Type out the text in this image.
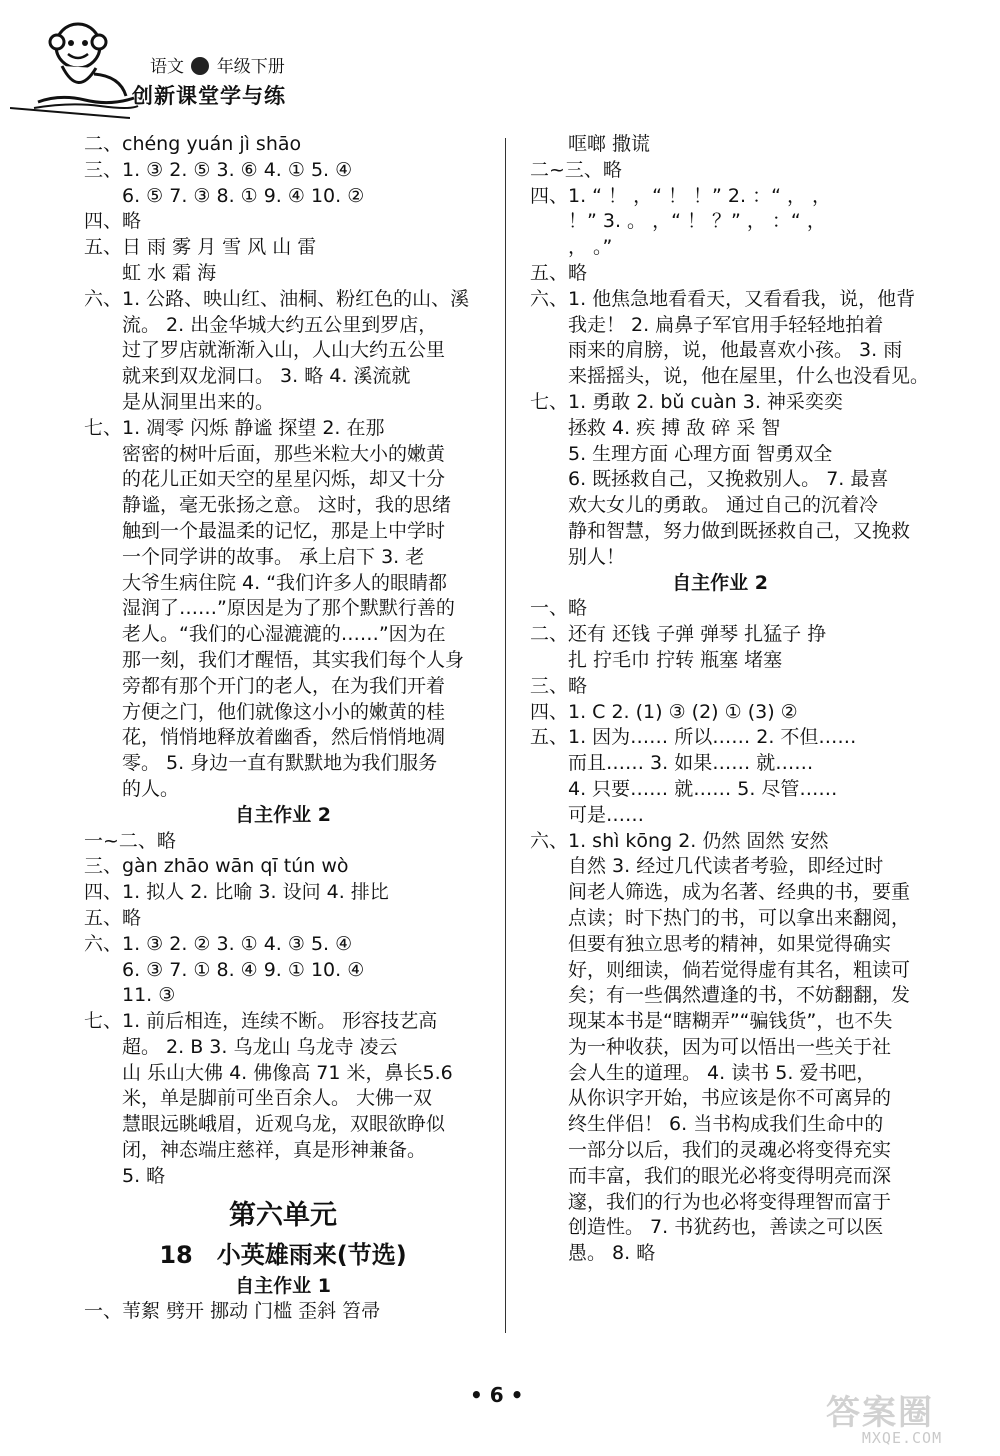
语文 年级下册
创新课堂学与练
二、chéng yuán jì shāo
三、1. ③ 2. ⑤ 3. ⑥ 4. ① 5. ④
6. ⑤ 7. ③ 8. ① 9. ④ 10. ②
四、略
五、日 雨 雾 月 雪 风 山 雷
虹 水 霜 海
六、1. 公路、映山红、油桐、粉红色的山、溪
流。 2. 出金华城大约五公里到罗店，
过了罗店就渐渐入山，人山大约五公里
就来到双龙洞口。 3. 略 4. 溪流就
是从洞里出来的。
七、1. 凋零 闪烁 静谧 探望 2. 在那
密密的树叶后面，那些米粒大小的嫩黄
的花儿正如天空的星星闪烁，却又十分
静谧，毫无张扬之意。 这时，我的思绪
触到一个最温柔的记忆，那是上中学时
一个同学讲的故事。 承上启下 3. 老
大爷生病住院 4. “我们许多人的眼睛都
湿润了……”原因是为了那个默默行善的
老人。“我们的心湿漉漉的……”因为在
那一刻，我们才醒悟，其实我们每个人身
旁都有那个开门的老人，在为我们开着
方便之门，他们就像这小小的嫩黄的桂
花，悄悄地释放着幽香，然后悄悄地凋
零。 5. 身边一直有默默地为我们服务
的人。
自主作业 2
一~二、略
三、gàn zhāo wān qī tún wò
四、1. 拟人 2. 比喻 3. 设问 4. 排比
五、略
六、1. ③ 2. ② 3. ① 4. ③ 5. ④
6. ③ 7. ① 8. ④ 9. ① 10. ④
11. ③
七、1. 前后相连，连续不断。 形容技艺高
超。 2. B 3. 乌龙山 乌龙寺 凌云
山 乐山大佛 4. 佛像高 71 米，鼻长5.6
米，单是脚前可坐百余人。 大佛一双
慧眼远眺峨眉，近观乌龙，双眼欲睁似
闭，神态端庄慈祥，真是形神兼备。
5. 略
第六单元
18　小英雄雨来(节选)
自主作业 1
一、苇絮 劈开 挪动 门槛 歪斜 笤帚
哐啷 撒谎
二~三、略
四、1. “ ！ ，“ ！ ！” 2. ：“ ， ，
！” 3. 。 ，“ ！ ？” ， ：“ ，
， 。”
五、略
六、1. 他焦急地看看天，又看看我，说，他背
我走！ 2. 扁鼻子军官用手轻轻地拍着
雨来的肩膀，说，他最喜欢小孩。 3. 雨
来摇摇头，说，他在屋里，什么也没看见。
七、1. 勇敢 2. bǔ cuàn 3. 神采奕奕
拯救 4. 疾 搏 敌 碎 采 智
5. 生理方面 心理方面 智勇双全
6. 既拯救自己，又挽救别人。 7. 最喜
欢大女儿的勇敢。 通过自己的沉着冷
静和智慧，努力做到既拯救自己，又挽救
别人！
自主作业 2
一、略
二、还有 还钱 子弹 弹琴 扎猛子 挣
扎 拧毛巾 拧转 瓶塞 堵塞
三、略
四、1. C 2. (1) ③ (2) ① (3) ②
五、1. 因为…… 所以…… 2. 不但……
而且…… 3. 如果…… 就……
4. 只要…… 就…… 5. 尽管……
可是……
六、1. shì kōng 2. 仍然 固然 安然
自然 3. 经过几代读者考验，即经过时
间老人筛选，成为名著、经典的书，要重
点读；时下热门的书，可以拿出来翻阅，
但要有独立思考的精神，如果觉得确实
好，则细读，倘若觉得虚有其名，粗读可
矣；有一些偶然遭逢的书，不妨翻翻，发
现某本书是“瞎糊弄”“骗钱货”，也不失
为一种收获，因为可以悟出一些关于社
会人生的道理。 4. 读书 5. 爱书吧，
从你识字开始，书应该是你不可离异的
终生伴侣！ 6. 当书构成我们生命中的
一部分以后，我们的灵魂必将变得充实
而丰富，我们的眼光必将变得明亮而深
邃，我们的行为也必将变得理智而富于
创造性。 7. 书犹药也，善读之可以医
愚。 8. 略
• 6 •	答案圈
MXQE.COM
